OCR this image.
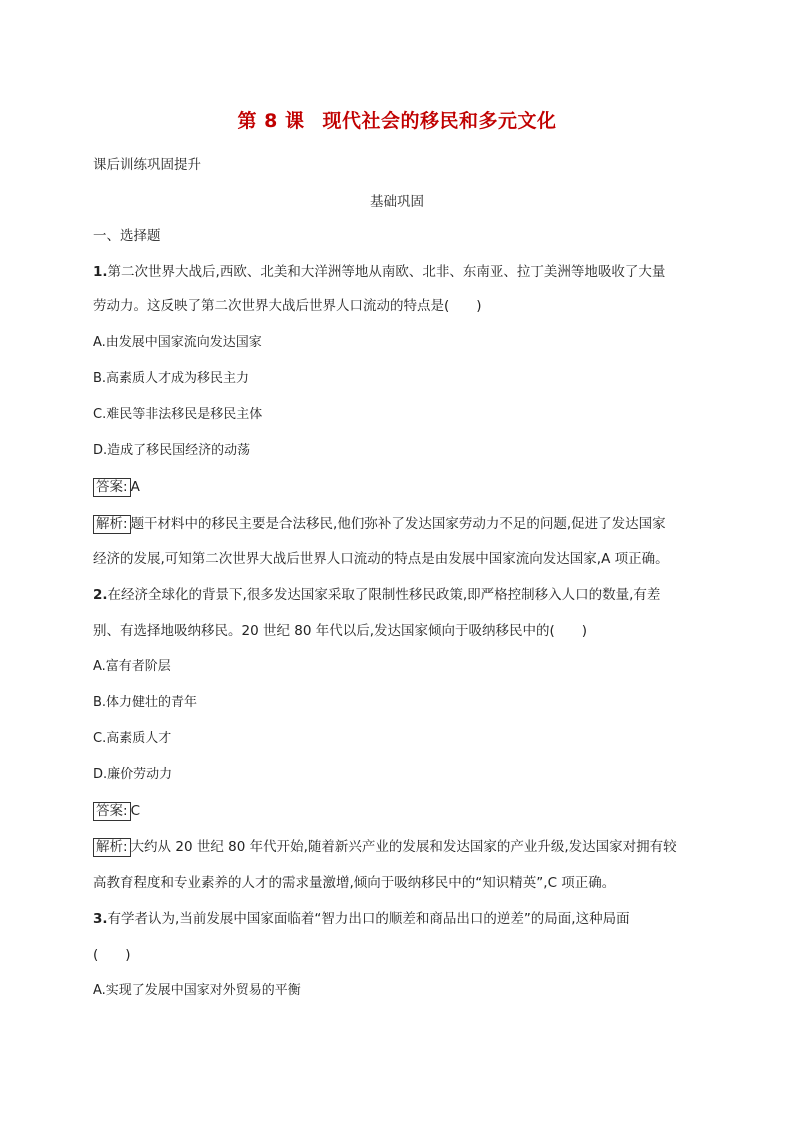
第 8 课 现代社会的移民和多元文化
课后训练巩固提升
基础巩固
一、选择题
1.第二次世界大战后,西欧、北美和大洋洲等地从南欧、北非、东南亚、拉丁美洲等地吸收了大量
劳动力。这反映了第二次世界大战后世界人口流动的特点是(　　)
A.由发展中国家流向发达国家
B.高素质人才成为移民主力
C.难民等非法移民是移民主体
D.造成了移民国经济的动荡
答案: A
解析: 题干材料中的移民主要是合法移民,他们弥补了发达国家劳动力不足的问题,促进了发达国家
经济的发展,可知第二次世界大战后世界人口流动的特点是由发展中国家流向发达国家,A 项正确。
2.在经济全球化的背景下,很多发达国家采取了限制性移民政策,即严格控制移入人口的数量,有差
别、有选择地吸纳移民。20 世纪 80 年代以后,发达国家倾向于吸纳移民中的(　　)
A.富有者阶层
B.体力健壮的青年
C.高素质人才
D.廉价劳动力
答案: C
解析: 大约从 20 世纪 80 年代开始,随着新兴产业的发展和发达国家的产业升级,发达国家对拥有较
高教育程度和专业素养的人才的需求量激增,倾向于吸纳移民中的“知识精英”,C 项正确。
3.有学者认为,当前发展中国家面临着“智力出口的顺差和商品出口的逆差”的局面,这种局面
(　　)
A.实现了发展中国家对外贸易的平衡
